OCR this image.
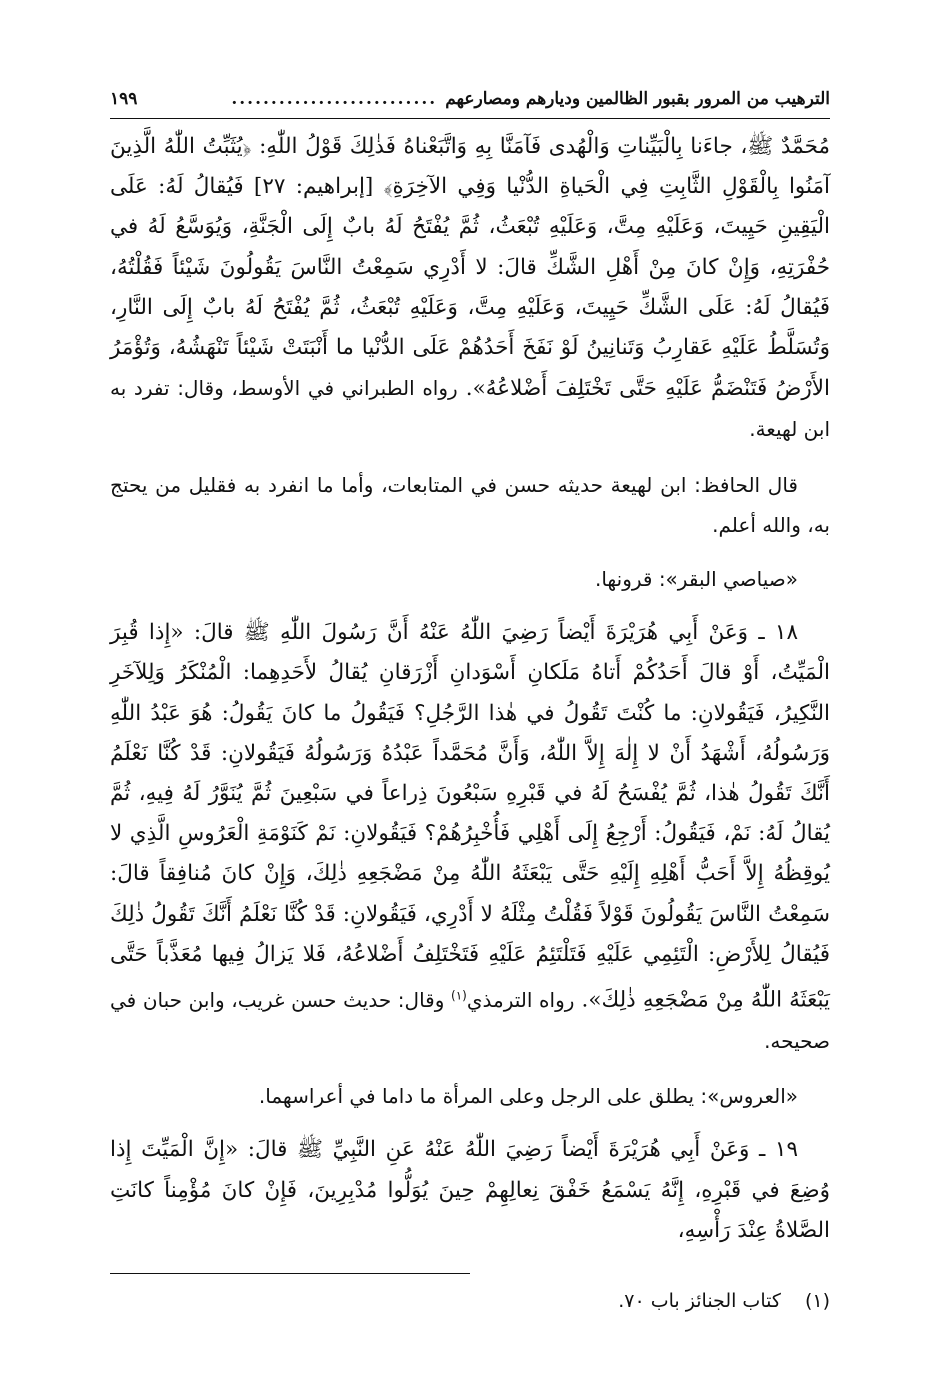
الترهيب من المرور بقبور الظالمين وديارهم ومصارعهم
..........................
١٩٩

مُحَمَّدٌ ﷺ، جاءَنا بِالْبَيِّناتِ وَالْهُدى فَآمَنَّا بِهِ وَاتَّبَعْناهُ فَذٰلِكَ قَوْلُ اللّٰهِ: ﴿يُثَبِّتُ اللّٰهُ الَّذِينَ آمَنُوا بِالْقَوْلِ الثَّابِتِ فِي الْحَياةِ الدُّنْيا وَفِي الآخِرَةِ﴾ [إبراهيم: ٢٧] فَيُقالُ لَهُ: عَلَى الْيَقِينِ حَيِيتَ، وَعَلَيْهِ مِتَّ، وَعَلَيْهِ تُبْعَثُ، ثُمَّ يُفْتَحُ لَهُ بابٌ إِلَى الْجَنَّةِ، وَيُوَسَّعُ لَهُ في حُفْرَتِهِ، وَإِنْ كانَ مِنْ أَهْلِ الشَّكِّ قالَ: لا أَدْرِي سَمِعْتُ النَّاسَ يَقُولُونَ شَيْئاً فَقُلْتُهُ، فَيُقالُ لَهُ: عَلَى الشَّكِّ حَيِيتَ، وَعَلَيْهِ مِتَّ، وَعَلَيْهِ تُبْعَثُ، ثُمَّ يُفْتَحُ لَهُ بابٌ إِلَى النَّارِ، وَتُسَلَّطُ عَلَيْهِ عَقارِبُ وَتَنانِينُ لَوْ نَفَخَ أَحَدُهُمْ عَلَى الدُّنْيا ما أَنْبَتَتْ شَيْئاً تَنْهَشُهُ، وَتُؤْمَرُ الأَرْضُ فَتَنْضَمُّ عَلَيْهِ حَتَّى تَخْتَلِفَ أَضْلاعُهُ». رواه الطبراني في الأوسط، وقال: تفرد به ابن لهيعة.

قال الحافظ: ابن لهيعة حديثه حسن في المتابعات، وأما ما انفرد به فقليل من يحتج به، والله أعلم.

«صياصي البقر»: قرونها.

١٨ ـ وَعَنْ أَبِي هُرَيْرَةَ أَيْضاً رَضِيَ اللّٰهُ عَنْهُ أَنَّ رَسُولَ اللّٰهِ ﷺ قالَ: «إِذا قُبِرَ الْمَيِّتُ، أَوْ قالَ أَحَدُكُمْ أَتاهُ مَلَكانِ أَسْوَدانِ أَزْرَقانِ يُقالُ لأَحَدِهِما: الْمُنْكَرُ وَلِلآخَرِ النَّكِيرُ، فَيَقُولانِ: ما كُنْتَ تَقُولُ في هٰذا الرَّجُلِ؟ فَيَقُولُ ما كانَ يَقُولُ: هُوَ عَبْدُ اللّٰهِ وَرَسُولُهُ، أَشْهَدُ أَنْ لا إِلٰهَ إِلاَّ اللّٰهُ، وَأَنَّ مُحَمَّداً عَبْدُهُ وَرَسُولُهُ فَيَقُولانِ: قَدْ كُنَّا نَعْلَمُ أَنَّكَ تَقُولُ هٰذا، ثُمَّ يُفْسَحُ لَهُ في قَبْرِهِ سَبْعُونَ ذِراعاً في سَبْعِينَ ثُمَّ يُنَوَّرُ لَهُ فِيهِ، ثُمَّ يُقالُ لَهُ: نَمْ، فَيَقُولُ: أَرْجِعُ إِلَى أَهْلِي فَأُخْبِرُهُمْ؟ فَيَقُولانِ: نَمْ كَنَوْمَةِ الْعَرُوسِ الَّذِي لا يُوقِظُهُ إِلاَّ أَحَبُّ أَهْلِهِ إِلَيْهِ حَتَّى يَبْعَثَهُ اللّٰهُ مِنْ مَضْجَعِهِ ذٰلِكَ، وَإِنْ كانَ مُنافِقاً قالَ: سَمِعْتُ النَّاسَ يَقُولُونَ قَوْلاً فَقُلْتُ مِثْلَهُ لا أَدْرِي، فَيَقُولانِ: قَدْ كُنَّا نَعْلَمُ أَنَّكَ تَقُولُ ذٰلِكَ فَيُقالُ لِلأَرْضِ: الْتَئِمِي عَلَيْهِ فَتَلْتَئِمُ عَلَيْهِ فَتَخْتَلِفُ أَضْلاعُهُ، فَلا يَزالُ فِيها مُعَذَّباً حَتَّى يَبْعَثَهُ اللّٰهُ مِنْ مَضْجَعِهِ ذٰلِكَ». رواه الترمذي$^{(١)}$ وقال: حديث حسن غريب، وابن حبان في صحيحه.

«العروس»: يطلق على الرجل وعلى المرأة ما داما في أعراسهما.

١٩ ـ وَعَنْ أَبِي هُرَيْرَةَ أَيْضاً رَضِيَ اللّٰهُ عَنْهُ عَنِ النَّبِيِّ ﷺ قالَ: «إِنَّ الْمَيِّتَ إِذا وُضِعَ في قَبْرِهِ، إِنَّهُ يَسْمَعُ خَفْقَ نِعالِهِمْ حِينَ يُوَلُّوا مُدْبِرِينَ، فَإِنْ كانَ مُؤْمِناً كانَتِ الصَّلاةُ عِنْدَ رَأْسِهِ،

(١) كتاب الجنائز باب ٧٠.
